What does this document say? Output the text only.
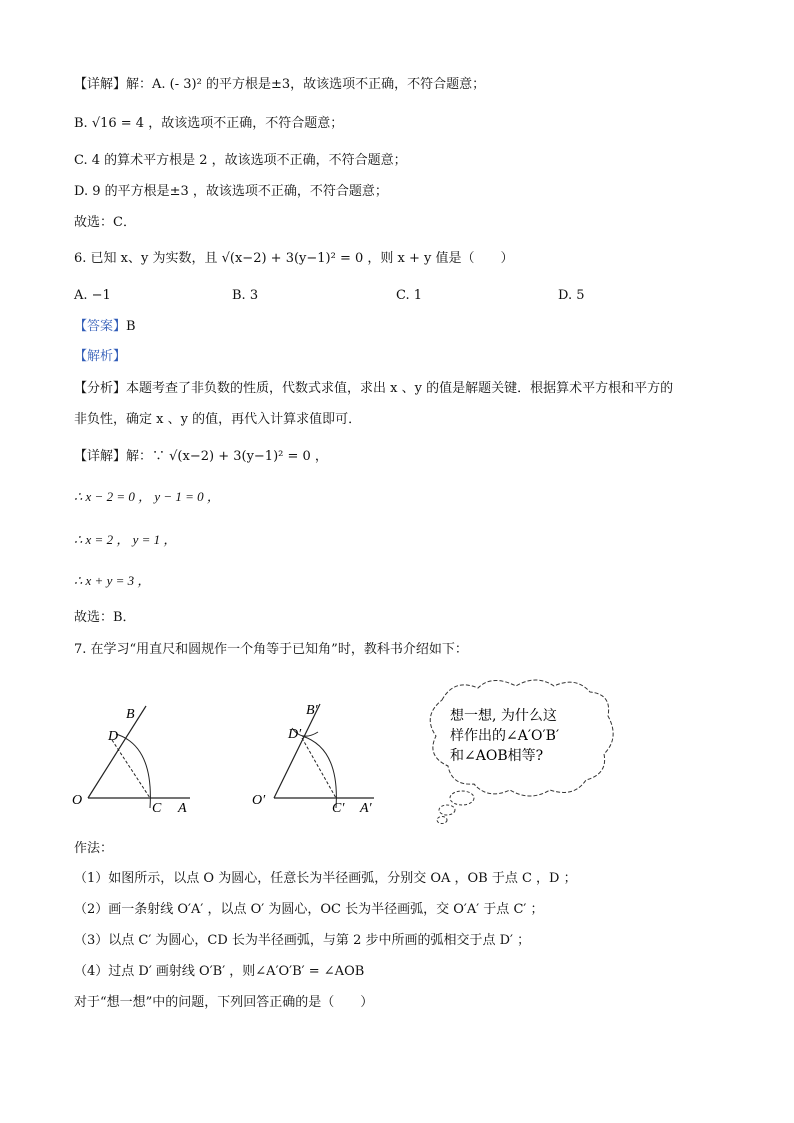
【详解】解：A. (- 3)² 的平方根是±3，故该选项不正确，不符合题意；
B. √16 = 4 ，故该选项不正确，不符合题意；
C. 4 的算术平方根是 2 ，故该选项不正确，不符合题意；
D. 9 的平方根是±3 ，故该选项不正确，不符合题意；
故选：C．
6. 已知 x、y 为实数，且 √(x−2) + 3(y−1)² = 0 ，则 x + y 值是（　　）
A. −1	B. 3	C. 1	D. 5
【答案】B
【解析】
【分析】本题考查了非负数的性质，代数式求值，求出 x 、y 的值是解题关键．根据算术平方根和平方的
非负性，确定 x 、y 的值，再代入计算求值即可．
【详解】解：∵ √(x−2) + 3(y−1)² = 0 ，
∴ x − 2 = 0 ， y − 1 = 0 ，
∴ x = 2 ， y = 1 ，
∴ x + y = 3 ，
故选：B．
7. 在学习“用直尺和圆规作一个角等于已知角”时，教科书介绍如下：
B
D
O
C A
B′
D′
O′
C′ A′
想一想, 为什么这
样作出的∠A′O′B′
和∠AOB相等?
作法：
（1）如图所示，以点 O 为圆心，任意长为半径画弧，分别交 OA ，OB 于点 C ，D ；
（2）画一条射线 O′A′ ，以点 O′ 为圆心，OC 长为半径画弧，交 O′A′ 于点 C′ ；
（3）以点 C′ 为圆心，CD 长为半径画弧，与第 2 步中所画的弧相交于点 D′ ；
（4）过点 D′ 画射线 O′B′ ，则∠A′O′B′ = ∠AOB
对于“想一想”中的问题，下列回答正确的是（　　）
